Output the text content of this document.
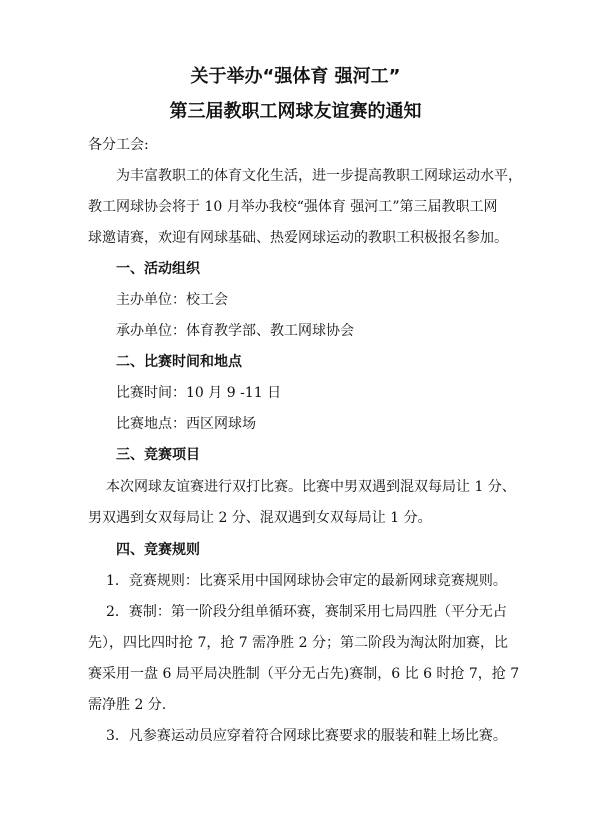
关于举办“强体育 强河工”
第三届教职工网球友谊赛的通知
各分工会:
为丰富教职工的体育文化生活，进一步提高教职工网球运动水平，
教工网球协会将于 10 月举办我校“强体育 强河工”第三届教职工网
球邀请赛，欢迎有网球基础、热爱网球运动的教职工积极报名参加。
一、活动组织
主办单位：校工会
承办单位：体育教学部、教工网球协会
二、比赛时间和地点
比赛时间：10 月 9 -11 日
比赛地点：西区网球场
三、竞赛项目
本次网球友谊赛进行双打比赛。比赛中男双遇到混双每局让 1 分、
男双遇到女双每局让 2 分、混双遇到女双每局让 1 分。
四、竞赛规则
1．竞赛规则：比赛采用中国网球协会审定的最新网球竞赛规则。
2．赛制：第一阶段分组单循环赛，赛制采用七局四胜（平分无占
先），四比四时抢 7，抢 7 需净胜 2 分；第二阶段为淘汰附加赛，比
赛采用一盘 6 局平局决胜制（平分无占先)赛制，6 比 6 时抢 7，抢 7
需净胜 2 分.
3．凡参赛运动员应穿着符合网球比赛要求的服装和鞋上场比赛。
